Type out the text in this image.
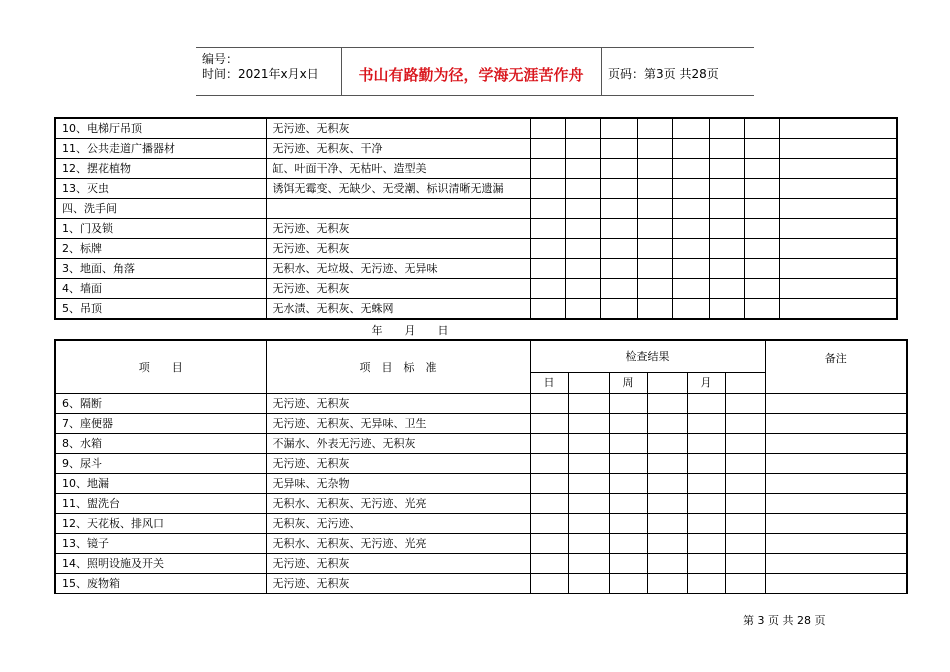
编号：
时间：2021年x月x日	书山有路勤为径，学海无涯苦作舟	页码：第3页 共28页
10、电梯厅吊顶	无污迹、无积灰								
11、公共走道广播器材	无污迹、无积灰、干净								
12、摆花植物	缸、叶面干净、无枯叶、造型美								
13、灭虫	诱饵无霉变、无缺少、无受潮、标识清晰无遗漏								
四、洗手间									
1、门及锁	无污迹、无积灰								
2、标牌	无污迹、无积灰								
3、地面、角落	无积水、无垃圾、无污迹、无异味								
4、墙面	无污迹、无积灰								
5、吊顶	无水渍、无积灰、无蛛网								
年　　月　　日
项　　目	项　目　标　准	检查结果						备注
		日		周		月		
6、隔断	无污迹、无积灰							
7、座便器	无污迹、无积灰、无异味、卫生							
8、水箱	不漏水、外表无污迹、无积灰							
9、尿斗	无污迹、无积灰							
10、地漏	无异味、无杂物							
11、盥洗台	无积水、无积灰、无污迹、光亮							
12、天花板、排风口	无积灰、无污迹、							
13、镜子	无积水、无积灰、无污迹、光亮							
14、照明设施及开关	无污迹、无积灰							
15、废物箱	无污迹、无积灰							
第 3 页 共 28 页
